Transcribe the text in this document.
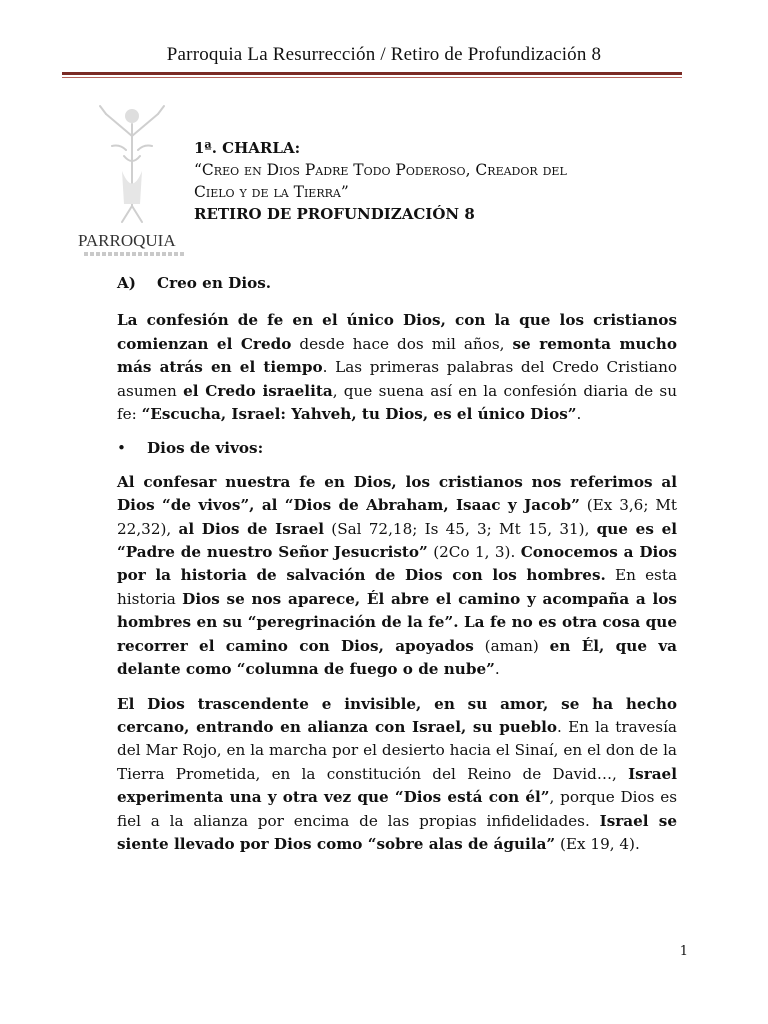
Parroquia La Resurrección / Retiro de Profundización 8
PARROQUIA
1ª. CHARLA:
“Creo en Dios Padre Todo Poderoso, Creador del
Cielo y de la Tierra”
RETIRO DE PROFUNDIZACIÓN 8
A) Creo en Dios.

La confesión de fe en el único Dios, con la que los cristianos comienzan el Credo desde hace dos mil años, se remonta mucho más atrás en el tiempo. Las primeras palabras del Credo Cristiano asumen el Credo israelita, que suena así en la confesión diaria de su fe: “Escucha, Israel: Yahveh, tu Dios, es el único Dios”.

• Dios de vivos:

Al confesar nuestra fe en Dios, los cristianos nos referimos al Dios “de vivos”, al “Dios de Abraham, Isaac y Jacob” (Ex 3,6; Mt 22,32), al Dios de Israel (Sal 72,18; Is 45, 3; Mt 15, 31), que es el “Padre de nuestro Señor Jesucristo” (2Co 1, 3). Conocemos a Dios por la historia de salvación de Dios con los hombres. En esta historia Dios se nos aparece, Él abre el camino y acompaña a los hombres en su “peregrinación de la fe”. La fe no es otra cosa que recorrer el camino con Dios, apoyados (aman) en Él, que va delante como “columna de fuego o de nube”.

El Dios trascendente e invisible, en su amor, se ha hecho cercano, entrando en alianza con Israel, su pueblo. En la travesía del Mar Rojo, en la marcha por el desierto hacia el Sinaí, en el don de la Tierra Prometida, en la constitución del Reino de David…, Israel experimenta una y otra vez que “Dios está con él”, porque Dios es fiel a la alianza por encima de las propias infidelidades. Israel se siente llevado por Dios como “sobre alas de águila” (Ex 19, 4).

1
